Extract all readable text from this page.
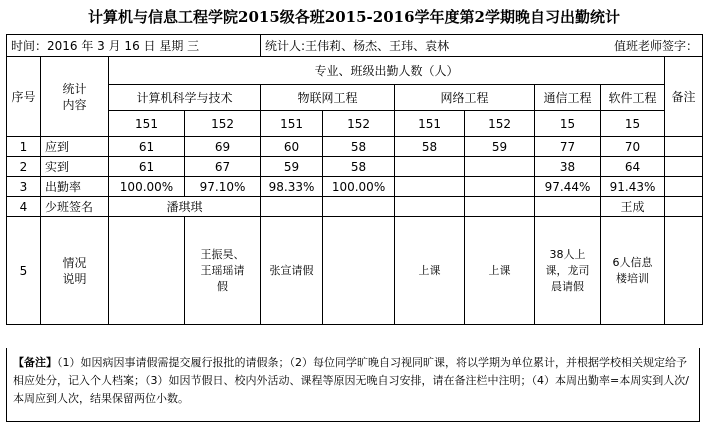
计算机与信息工程学院2015级各班2015-2016学年度第2学期晚自习出勤统计
时间：2016 年 3 月 16 日 星期 三				统计人:王伟莉、杨杰、王玮、袁林 值班老师签字：						

序号	统计内容	专业、班级出勤人数（人）								备注
		计算机科学与技术		物联网工程		网络工程		通信工程	软件工程	
		151	152	151	152	151	152	15	15	
1	应到	61	69	60	58	58	59	77	70	
2	实到	61	67	59	58			38	64	
3	出勤率	100.00%	97.10%	98.33%	100.00%			97.44%	91.43%	
4	少班签名	潘琪琪							王成	
5	情况说明		王振昊、王瑶瑶请假	张宣请假		上课	上课	38人上课，龙司晨请假	6人信息楼培训	

【备注】（1）如因病因事请假需提交履行报批的请假条；（2）每位同学旷晚自习视同旷课，将以学期为单位累计，并根据学校相关规定给予相应处分，记入个人档案；（3）如因节假日、校内外活动、课程等原因无晚自习安排，请在备注栏中注明；（4）本周出勤率=本周实到人次/本周应到人次，结果保留两位小数。
